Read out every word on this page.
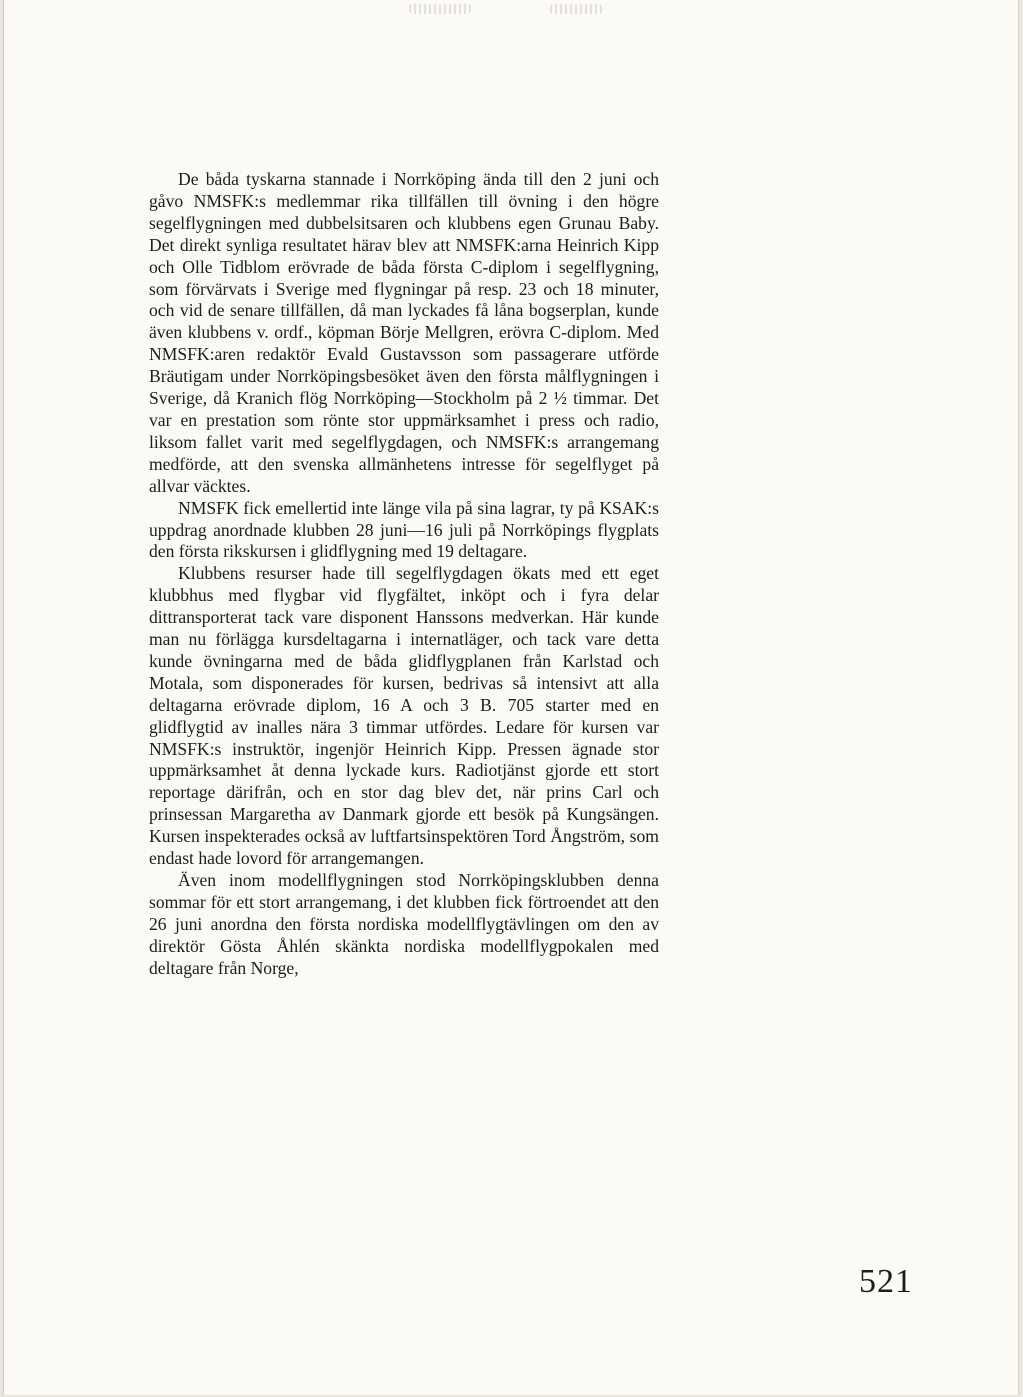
De båda tyskarna stannade i Norrköping ända till den 2 juni och gåvo NMSFK:s medlemmar rika tillfällen till övning i den högre segelflygningen med dubbelsitsaren och klubbens egen Grunau Baby. Det direkt synliga resultatet härav blev att NMSFK:arna Heinrich Kipp och Olle Tidblom erövrade de båda första C-diplom i segelflygning, som förvärvats i Sverige med flygningar på resp. 23 och 18 minuter, och vid de senare tillfällen, då man lyckades få låna bogserplan, kunde även klubbens v. ordf., köpman Börje Mellgren, erövra C-diplom. Med NMSFK:aren redaktör Evald Gustavsson som passagerare utförde Bräutigam under Norrköpingsbesöket även den första målflygningen i Sverige, då Kranich flög Norrköping—Stockholm på 2 ½ timmar. Det var en prestation som rönte stor uppmärksamhet i press och radio, liksom fallet varit med segelflygdagen, och NMSFK:s arrangemang medförde, att den svenska allmänhetens intresse för segelflyget på allvar väcktes.

NMSFK fick emellertid inte länge vila på sina lagrar, ty på KSAK:s uppdrag anordnade klubben 28 juni—16 juli på Norrköpings flygplats den första rikskursen i glidflygning med 19 deltagare.

Klubbens resurser hade till segelflygdagen ökats med ett eget klubbhus med flygbar vid flygfältet, inköpt och i fyra delar dittransporterat tack vare disponent Hanssons medverkan. Här kunde man nu förlägga kursdeltagarna i internatläger, och tack vare detta kunde övningarna med de båda glidflygplanen från Karlstad och Motala, som disponerades för kursen, bedrivas så intensivt att alla deltagarna erövrade diplom, 16 A och 3 B. 705 starter med en glidflygtid av inalles nära 3 timmar utfördes. Ledare för kursen var NMSFK:s instruktör, ingenjör Heinrich Kipp. Pressen ägnade stor uppmärksamhet åt denna lyckade kurs. Radiotjänst gjorde ett stort reportage därifrån, och en stor dag blev det, när prins Carl och prinsessan Margaretha av Danmark gjorde ett besök på Kungsängen. Kursen inspekterades också av luftfartsinspektören Tord Ångström, som endast hade lovord för arrangemangen.

Även inom modellflygningen stod Norrköpingsklubben denna sommar för ett stort arrangemang, i det klubben fick förtroendet att den 26 juni anordna den första nordiska modellflygtävlingen om den av direktör Gösta Åhlén skänkta nordiska modellflygpokalen med deltagare från Norge,

521
